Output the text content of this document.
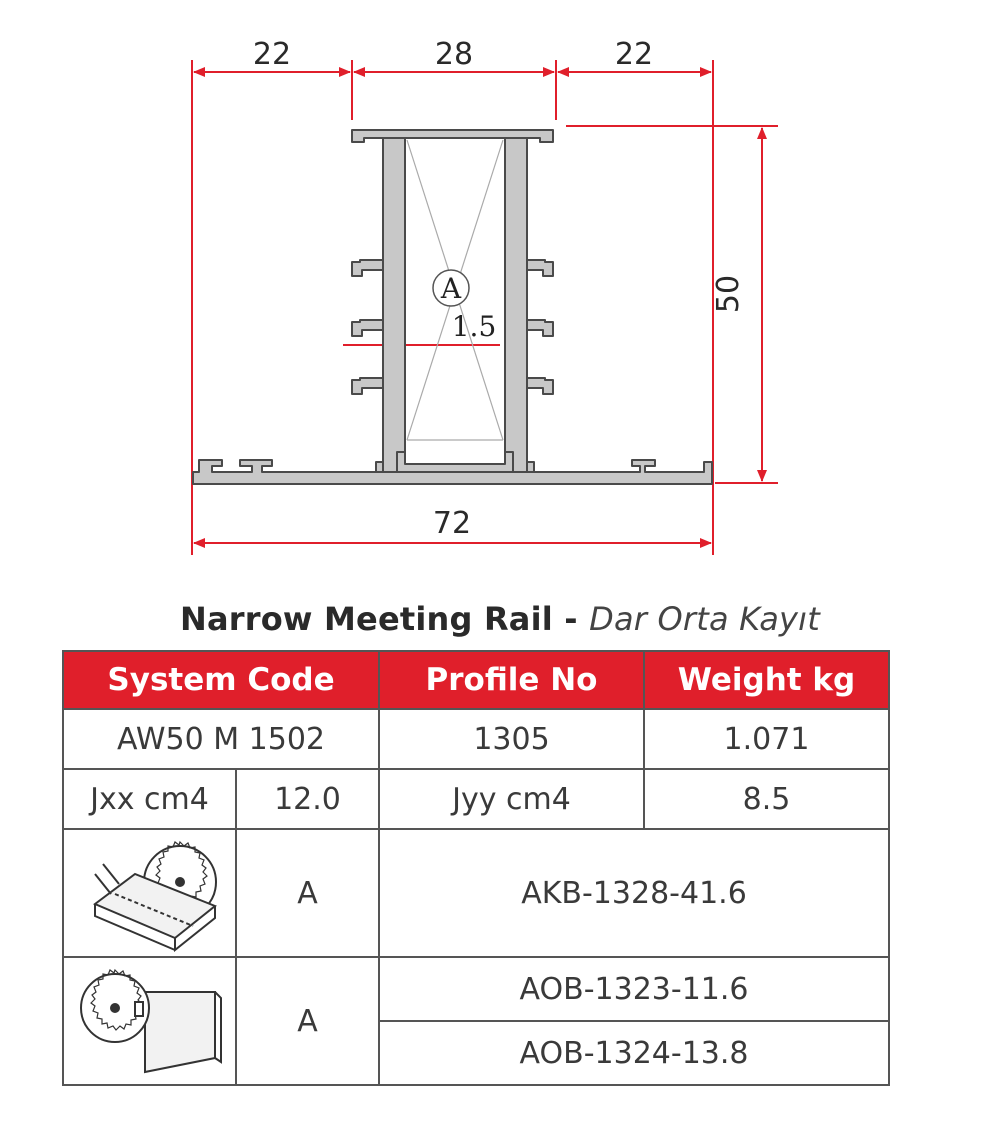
A
22	28	22
50
72
1.5
Narrow Meeting Rail - Dar Orta Kayıt
System Code		Profile No	Weight kg
AW50 M 1502		1305	1.071
Jxx cm4	12.0	Jyy cm4	8.5

	A	AKB-1328-41.6	

	A	AOB-1323-11.6	
		AOB-1324-13.8	
